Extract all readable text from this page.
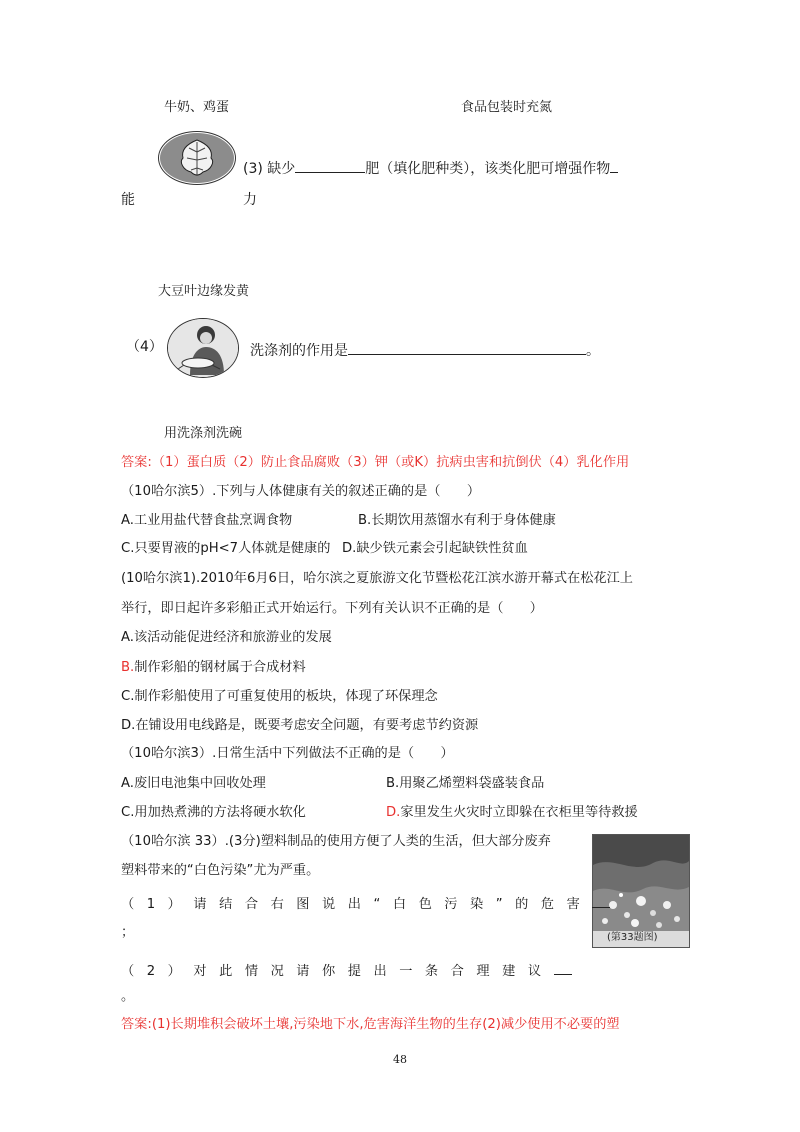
牛奶、鸡蛋	食品包装时充氮
(3) 缺少	肥（填化肥种类），该类化肥可增强作物
能	力
大豆叶边缘发黄
（4）	洗涤剂的作用是	。
用洗涤剂洗碗
答案:（1）蛋白质（2）防止食品腐败（3）钾（或K）抗病虫害和抗倒伏（4）乳化作用
（10哈尔滨5）.下列与人体健康有关的叙述正确的是（　　）
A.工业用盐代替食盐烹调食物	B.长期饮用蒸馏水有利于身体健康
C.只要胃液的pH<7人体就是健康的 D.缺少铁元素会引起缺铁性贫血
(10哈尔滨1).2010年6月6日，哈尔滨之夏旅游文化节暨松花江滨水游开幕式在松花江上
举行，即日起许多彩船正式开始运行。下列有关认识不正确的是（　　）
A.该活动能促进经济和旅游业的发展
B.制作彩船的钢材属于合成材料
C.制作彩船使用了可重复使用的板块，体现了环保理念
D.在铺设用电线路是，既要考虑安全问题，有要考虑节约资源
（10哈尔滨3）.日常生活中下列做法不正确的是（　　）
A.废旧电池集中回收处理	B.用聚乙烯塑料袋盛装食品
C.用加热煮沸的方法将硬水软化	D.家里发生火灾时立即躲在衣柜里等待救援
（10哈尔滨 33）.(3分)塑料制品的使用方便了人类的生活，但大部分废弃
塑料带来的“白色污染”尤为严重。
(第33题图)
（1）请结合右图说出“白色污染”的危害
；
（2）对此情况请你提出一条合理建议
。
答案:(1)长期堆积会破坏土壤,污染地下水,危害海洋生物的生存(2)减少使用不必要的塑
48
